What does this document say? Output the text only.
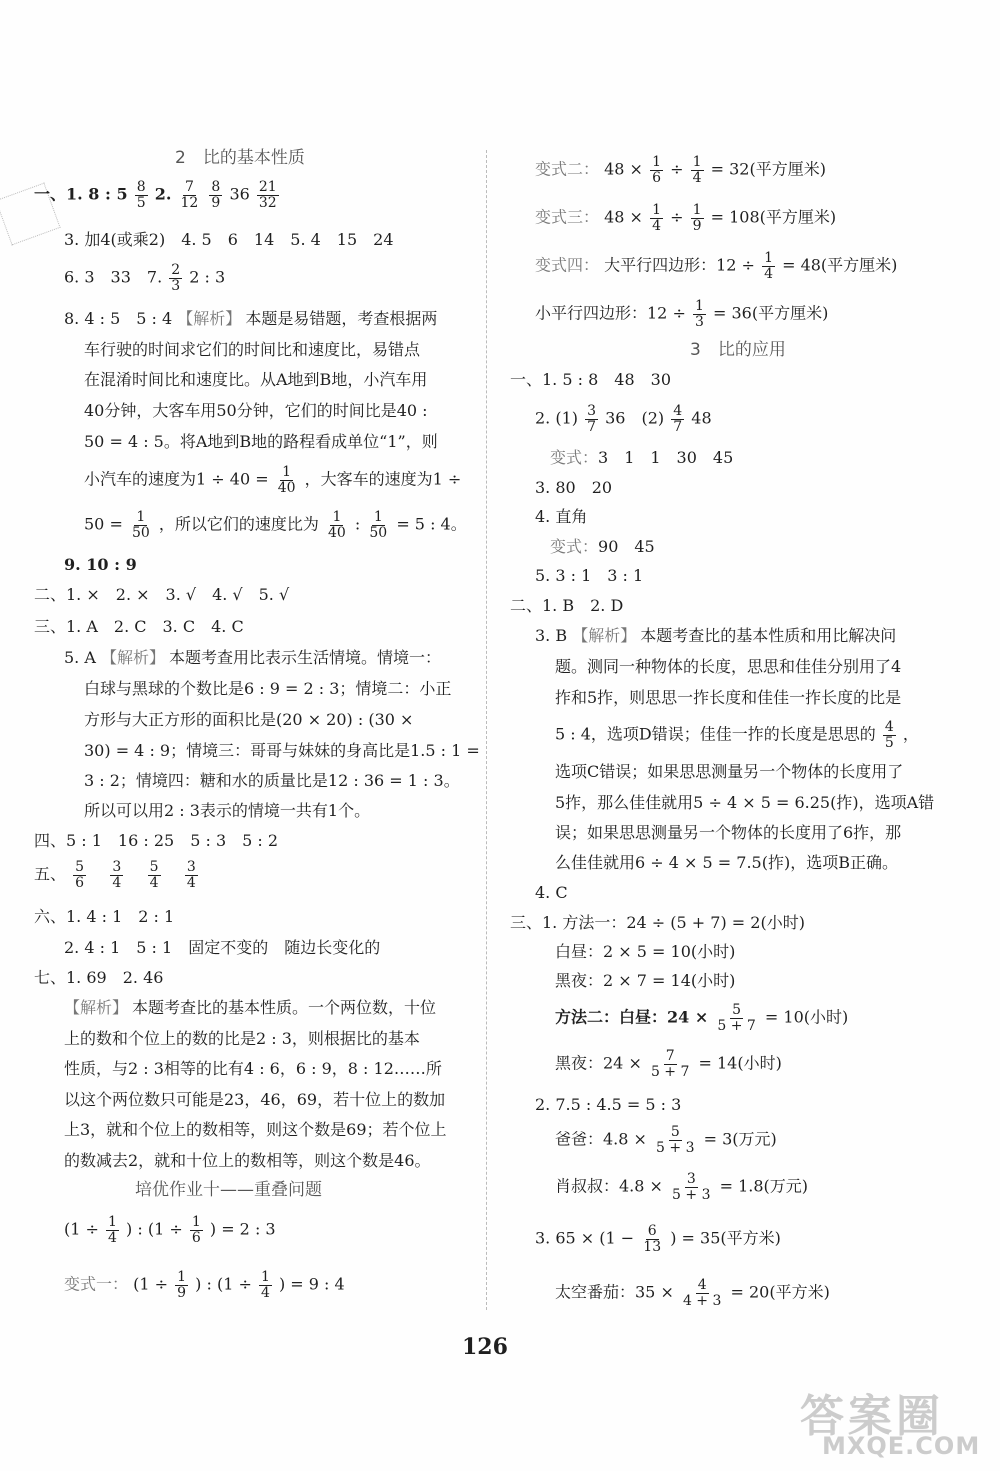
2　比的基本性质
一、1. 8 : $5 \frac{8}{5} 2$. $\frac{7}{12}$
$\frac{8}{9} 36 \frac{21}{32}$
3. 加4(或乘2)　4. 5　6　14　5. 4　15　24
6. 3　33　7. $\frac{2}{3} 2$ : 3
8. 4 : 5　5 : 4 【解析】 本题是易错题，考查根据两
车行驶的时间求它们的时间比和速度比，易错点
在混淆时间比和速度比。从A地到B地，小汽车用
40分钟，大客车用50分钟，它们的时间比是40 :
50 = 4 : 5。将A地到B地的路程看成单位“1”，则
小汽车的速度为$1 \div 40 = \frac{1}{40}$ ，大客车的速度为1 ÷
$50 = \frac{1}{50}$ ，所以它们的速度比为 $\frac{1}{40}$ : $\frac{1}{50} = 5$ : 4。
9. 10 : 9
二、1. ×　2. ×　3. √　4. √　5. √
三、1. A　2. C　3. C　4. C
5. A 【解析】 本题考查用比表示生活情境。情境一：
白球与黑球的个数比是6 : 9 = 2 : 3；情境二：小正
方形与大正方形的面积比是(20 × 20) : (30 ×
30) = 4 : 9；情境三：哥哥与妹妹的身高比是1.5 : 1 =
3 : 2；情境四：糖和水的质量比是12 : 36 = 1 : 3。
所以可以用2 : 3表示的情境一共有1个。
四、5 : 1　16 : 25　5 : 3　5 : 2
五、 $\frac{5}{6}$
$\frac{3}{4}$
$\frac{5}{4}$
$\frac{3}{4}$
六、1. 4 : 1　2 : 1
2. 4 : 1　5 : 1　固定不变的　随边长变化的
七、1. 69　2. 46
【解析】 本题考查比的基本性质。一个两位数，十位
上的数和个位上的数的比是2 : 3，则根据比的基本
性质，与2 : 3相等的比有4 : 6，6 : 9，8 : 12……所
以这个两位数只可能是23，46，69，若十位上的数加
上3，就和个位上的数相等，则这个数是69；若个位上
的数减去2，就和十位上的数相等，则这个数是46。
培优作业十——重叠问题
($1 \div \frac{1}{4}$ ) : ($1 \div \frac{1}{6}$ ) = 2 : 3
变式一： ($1 \div \frac{1}{9}$ ) : ($1 \div \frac{1}{4}$ ) = 9 : 4
变式二： $48 \times \frac{1}{6} \div \frac{1}{4} = 32$(平方厘米)
变式三： $48 \times \frac{1}{4} \div \frac{1}{9} = 108$(平方厘米)
变式四： 大平行四边形：$12 \div \frac{1}{4} = 48$(平方厘米)
小平行四边形：$12 \div \frac{1}{3} = 36$(平方厘米)
3　比的应用
一、1. 5 : 8　48　30
2. $(1) \frac{3}{7} 36$　$(2) \frac{4}{7} 48$
变式：3　1　1　30　45
3. 80　20
4. 直角
变式：90　45
5. 3 : 1　3 : 1
二、1. B　2. D
3. B 【解析】 本题考查比的基本性质和用比解决问
题。测同一种物体的长度，思思和佳佳分别用了4
拃和5拃，则思思一拃长度和佳佳一拃长度的比是
5 : 4，选项D错误；佳佳一拃的长度是思思的 $\frac{4}{5}$ ，
选项C错误；如果思思测量另一个物体的长度用了
5拃，那么佳佳就用5 ÷ 4 × 5 = 6.25(拃)，选项A错
误；如果思思测量另一个物体的长度用了6拃，那
么佳佳就用6 ÷ 4 × 5 = 7.5(拃)，选项B正确。
4. C
三、1. 方法一：24 ÷ (5 + 7) = 2(小时)
白昼：2 × 5 = 10(小时)
黑夜：2 × 7 = 14(小时)
方法二：白昼：$24 \times \frac{5}{5 + 7} = 10$(小时)
黑夜：$24 \times \frac{7}{5 + 7} = 14$(小时)
2. 7.5 : 4.5 = 5 : 3
爸爸：$4.8 \times \frac{5}{5 + 3} = 3$(万元)
肖叔叔：$4.8 \times \frac{3}{5 + 3} = 1.8$(万元)
3. $65 \times (1 - \frac{6}{13}$ ) = 35(平方米)
太空番茄：$35 \times \frac{4}{4 + 3} = 20$(平方米)
126
答案圈
MXQE.COM
